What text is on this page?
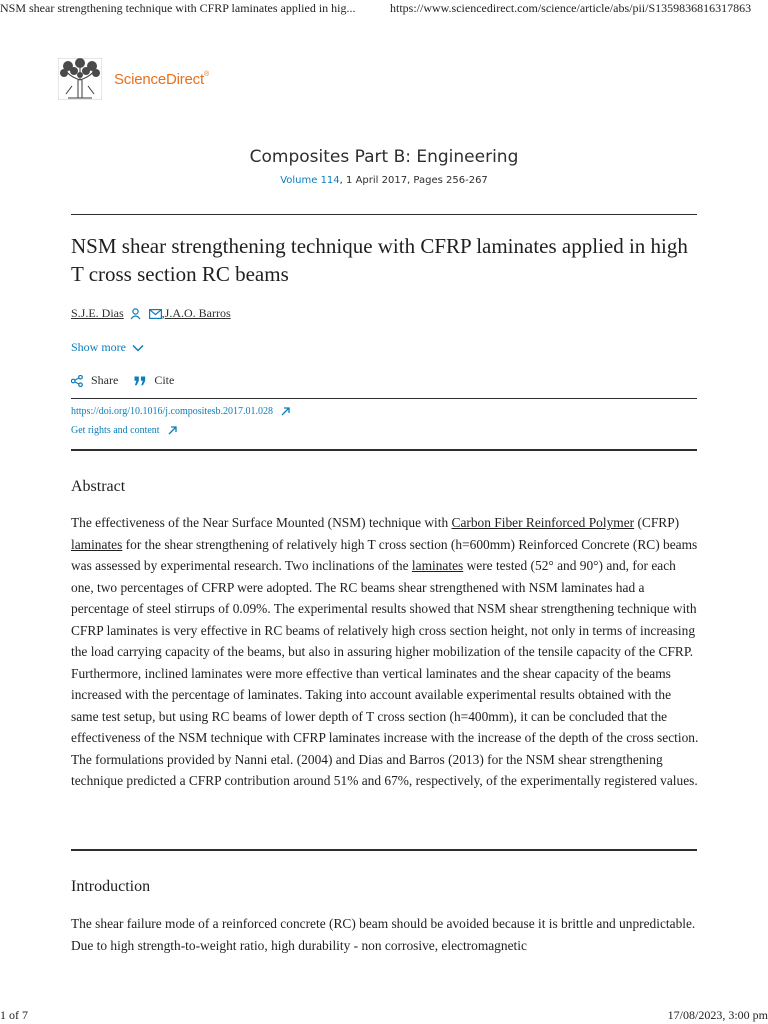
NSM shear strengthening technique with CFRP laminates applied in hig...	https://www.sciencedirect.com/science/article/abs/pii/S1359836816317863
ScienceDirect®
Composites Part B: Engineering
Volume 114, 1 April 2017, Pages 256-267
NSM shear strengthening technique with CFRP laminates applied in high T cross section RC beams
S.J.E. Dias	, J.A.O. Barros
Show more
Share	Cite
https://doi.org/10.1016/j.compositesb.2017.01.028
Get rights and content
Abstract

The effectiveness of the Near Surface Mounted (NSM) technique with Carbon Fiber Reinforced Polymer (CFRP) laminates for the shear strengthening of relatively high T cross section (h=600mm) Reinforced Concrete (RC) beams was assessed by experimental research. Two inclinations of the laminates were tested (52° and 90°) and, for each one, two percentages of CFRP were adopted. The RC beams shear strengthened with NSM laminates had a percentage of steel stirrups of 0.09%. The experimental results showed that NSM shear strengthening technique with CFRP laminates is very effective in RC beams of relatively high cross section height, not only in terms of increasing the load carrying capacity of the beams, but also in assuring higher mobilization of the tensile capacity of the CFRP. Furthermore, inclined laminates were more effective than vertical laminates and the shear capacity of the beams increased with the percentage of laminates. Taking into account available experimental results obtained with the same test setup, but using RC beams of lower depth of T cross section (h=400mm), it can be concluded that the effectiveness of the NSM technique with CFRP laminates increase with the increase of the depth of the cross section. The formulations provided by Nanni etal. (2004) and Dias and Barros (2013) for the NSM shear strengthening technique predicted a CFRP contribution around 51% and 67%, respectively, of the experimentally registered values.

Introduction

The shear failure mode of a reinforced concrete (RC) beam should be avoided because it is brittle and unpredictable. Due to high strength-to-weight ratio, high durability - non corrosive, electromagnetic

1 of 7	17/08/2023, 3:00 pm
